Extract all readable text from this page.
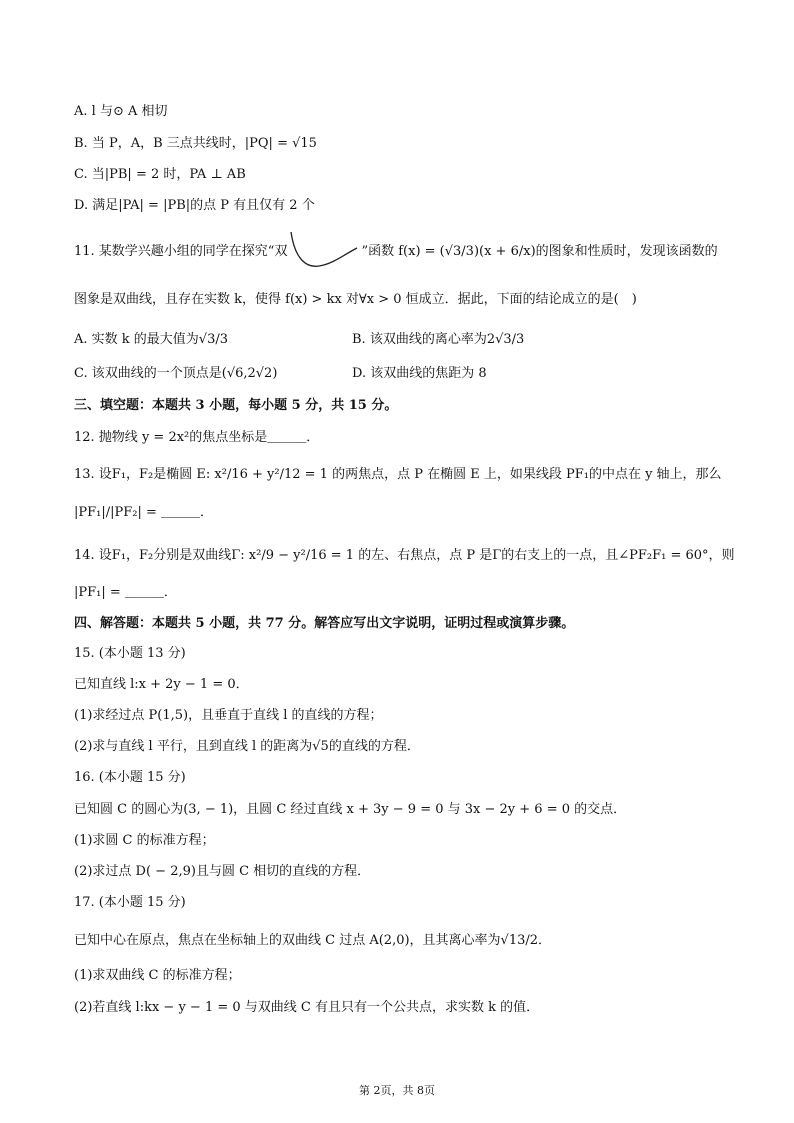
A. l 与⊙ A 相切
B. 当 P，A，B 三点共线时，|PQ| = √15
C. 当|PB| = 2 时，PA ⊥ AB
D. 满足|PA| = |PB|的点 P 有且仅有 2 个
11. 某数学兴趣小组的同学在探究“双	”函数 f(x) = (√3/3)(x + 6/x)的图象和性质时，发现该函数的
图象是双曲线，且存在实数 k，使得 f(x) > kx 对∀x > 0 恒成立．据此，下面的结论成立的是(　)
A. 实数 k 的最大值为√3/3	B. 该双曲线的离心率为2√3/3
C. 该双曲线的一个顶点是(√6,2√2)	D. 该双曲线的焦距为 8
三、填空题：本题共 3 小题，每小题 5 分，共 15 分。
12. 抛物线 y = 2x²的焦点坐标是＿＿＿．
13. 设F₁，F₂是椭圆 E: x²/16 + y²/12 = 1 的两焦点，点 P 在椭圆 E 上，如果线段 PF₁的中点在 y 轴上，那么
|PF₁|/|PF₂| = ＿＿＿．
14. 设F₁，F₂分别是双曲线Γ: x²/9 − y²/16 = 1 的左、右焦点，点 P 是Γ的右支上的一点，且∠PF₂F₁ = 60°，则
|PF₁| = ＿＿＿．
四、解答题：本题共 5 小题，共 77 分。解答应写出文字说明，证明过程或演算步骤。
15. (本小题 13 分)
已知直线 l:x + 2y − 1 = 0．
(1)求经过点 P(1,5)，且垂直于直线 l 的直线的方程；
(2)求与直线 l 平行，且到直线 l 的距离为√5的直线的方程．
16. (本小题 15 分)
已知圆 C 的圆心为(3, − 1)，且圆 C 经过直线 x + 3y − 9 = 0 与 3x − 2y + 6 = 0 的交点．
(1)求圆 C 的标准方程；
(2)求过点 D( − 2,9)且与圆 C 相切的直线的方程．
17. (本小题 15 分)
已知中心在原点，焦点在坐标轴上的双曲线 C 过点 A(2,0)，且其离心率为√13/2．
(1)求双曲线 C 的标准方程；
(2)若直线 l:kx − y − 1 = 0 与双曲线 C 有且只有一个公共点，求实数 k 的值．
第 2页，共 8页
